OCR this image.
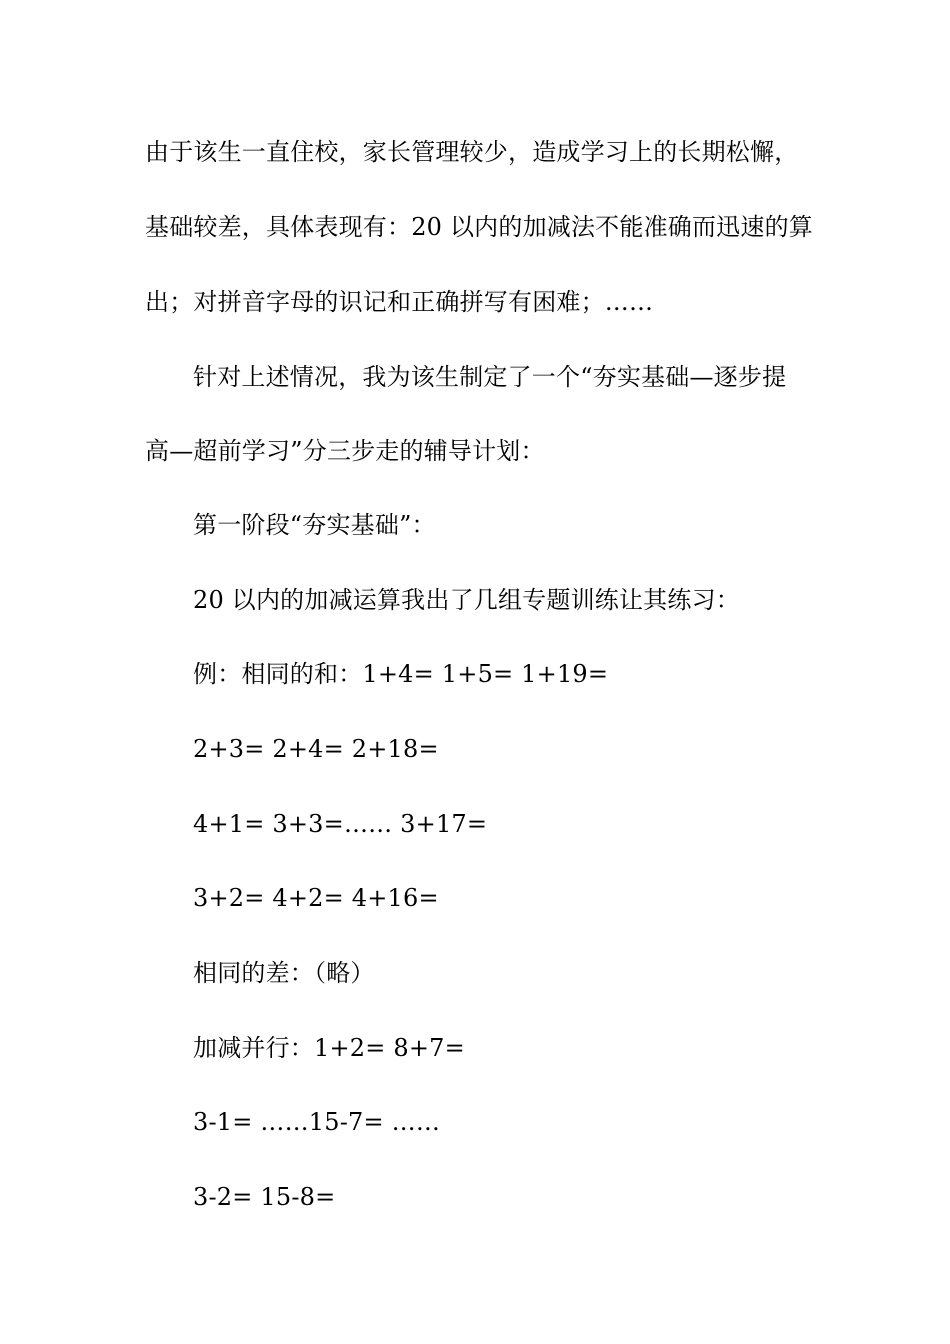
由于该生一直住校，家长管理较少，造成学习上的长期松懈，
基础较差，具体表现有：20 以内的加减法不能准确而迅速的算
出；对拼音字母的识记和正确拼写有困难；……
针对上述情况，我为该生制定了一个“夯实基础—逐步提
高—超前学习”分三步走的辅导计划：
第一阶段“夯实基础”：
20 以内的加减运算我出了几组专题训练让其练习：
例：相同的和：1+4= 1+5= 1+19=
2+3= 2+4= 2+18=
4+1= 3+3=…… 3+17=
3+2= 4+2= 4+16=
相同的差：（略）
加减并行：1+2= 8+7=
3-1= ……15-7= ……
3-2= 15-8=
